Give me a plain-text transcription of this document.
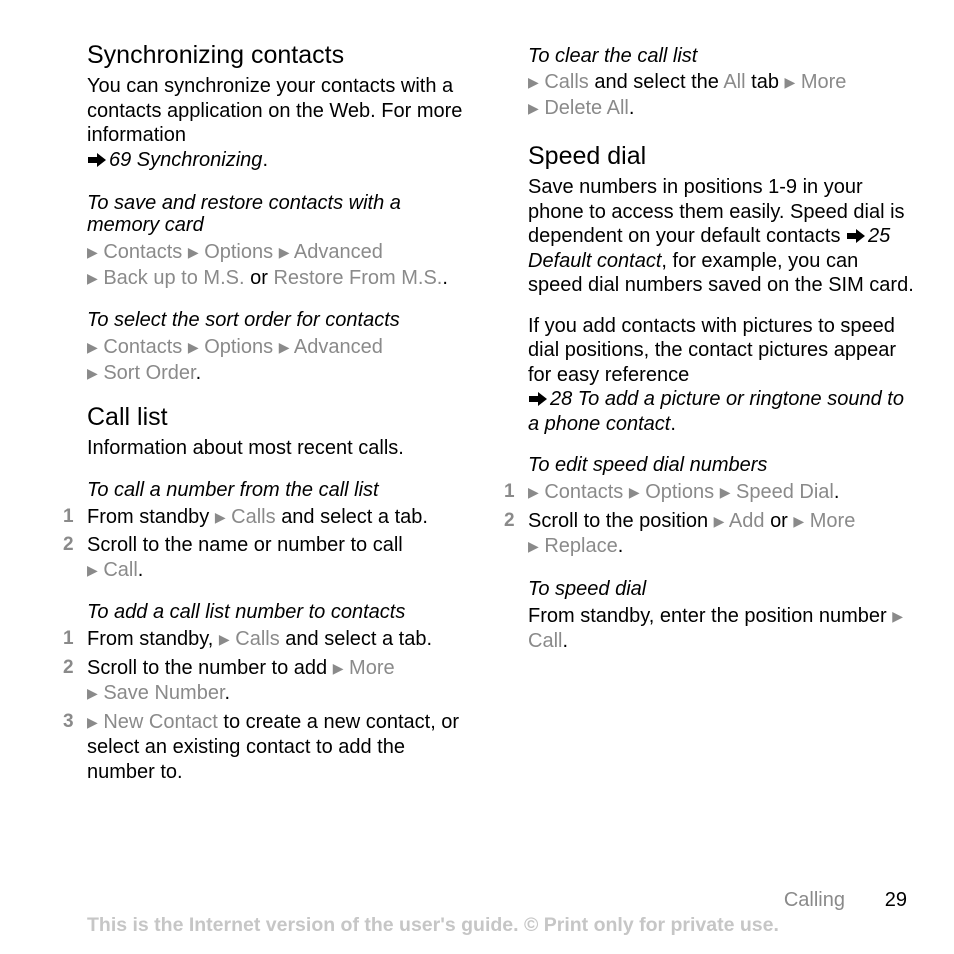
Synchronizing contacts

You can synchronize your contacts with a contacts application on the Web. For more information
69 Synchronizing.

To save and restore contacts with a memory card

▶ Contacts ▶ Options ▶ Advanced
▶ Back up to M.S. or Restore From M.S..

To select the sort order for contacts

▶ Contacts ▶ Options ▶ Advanced
▶ Sort Order.

Call list

Information about most recent calls.

To call a number from the call list

1 From standby ▶ Calls and select a tab.
2 Scroll to the name or number to call
▶ Call.

To add a call list number to contacts

1 From standby, ▶ Calls and select a tab.
2 Scroll to the number to add ▶ More
▶ Save Number.
3 ▶ New Contact to create a new contact, or select an existing contact to add the number to.

To clear the call list

▶ Calls and select the All tab ▶ More
▶ Delete All.

Speed dial

Save numbers in positions 1-9 in your phone to access them easily. Speed dial is dependent on your default contacts 25 Default contact, for example, you can speed dial numbers saved on the SIM card.

If you add contacts with pictures to speed dial positions, the contact pictures appear for easy reference
28 To add a picture or ringtone sound to a phone contact.

To edit speed dial numbers

1 ▶ Contacts ▶ Options ▶ Speed Dial.
2 Scroll to the position ▶ Add or ▶ More
▶ Replace.

To speed dial

From standby, enter the position number ▶ Call.

Calling 29
This is the Internet version of the user's guide. © Print only for private use.
